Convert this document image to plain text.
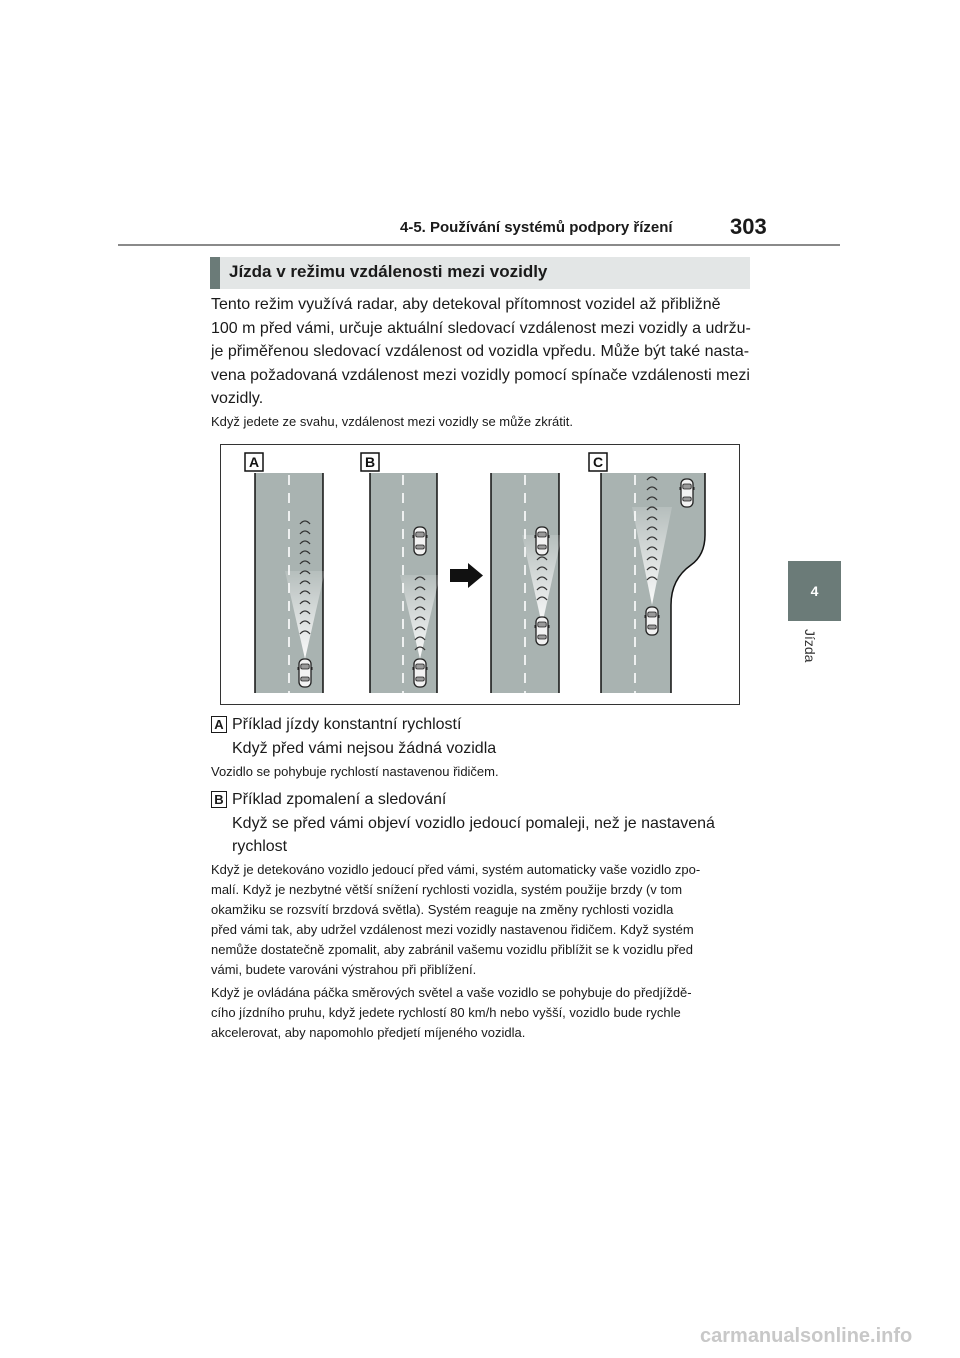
4-5. Používání systémů podpory řízení	303
4
Jízda
Jízda v režimu vzdálenosti mezi vozidly
Tento režim využívá radar, aby detekoval přítomnost vozidel až přibližně
100 m před vámi, určuje aktuální sledovací vzdálenost mezi vozidly a udržu-
je přiměřenou sledovací vzdálenost od vozidla vpředu. Může být také nasta-
vena požadovaná vzdálenost mezi vozidly pomocí spínače vzdálenosti mezi
vozidly.
Když jedete ze svahu, vzdálenost mezi vozidly se může zkrátit.
A	B	C
A Příklad jízdy konstantní rychlostí
Když před vámi nejsou žádná vozidla
Vozidlo se pohybuje rychlostí nastavenou řidičem.
B Příklad zpomalení a sledování
Když se před vámi objeví vozidlo jedoucí pomaleji, než je nastavená
rychlost
Když je detekováno vozidlo jedoucí před vámi, systém automaticky vaše vozidlo zpo-
malí. Když je nezbytné větší snížení rychlosti vozidla, systém použije brzdy (v tom
okamžiku se rozsvítí brzdová světla). Systém reaguje na změny rychlosti vozidla
před vámi tak, aby udržel vzdálenost mezi vozidly nastavenou řidičem. Když systém
nemůže dostatečně zpomalit, aby zabránil vašemu vozidlu přiblížit se k vozidlu před
vámi, budete varováni výstrahou při přiblížení.
Když je ovládána páčka směrových světel a vaše vozidlo se pohybuje do předjíždě-
cího jízdního pruhu, když jedete rychlostí 80 km/h nebo vyšší, vozidlo bude rychle
akcelerovat, aby napomohlo předjetí míjeného vozidla.
carmanualsonline.info
